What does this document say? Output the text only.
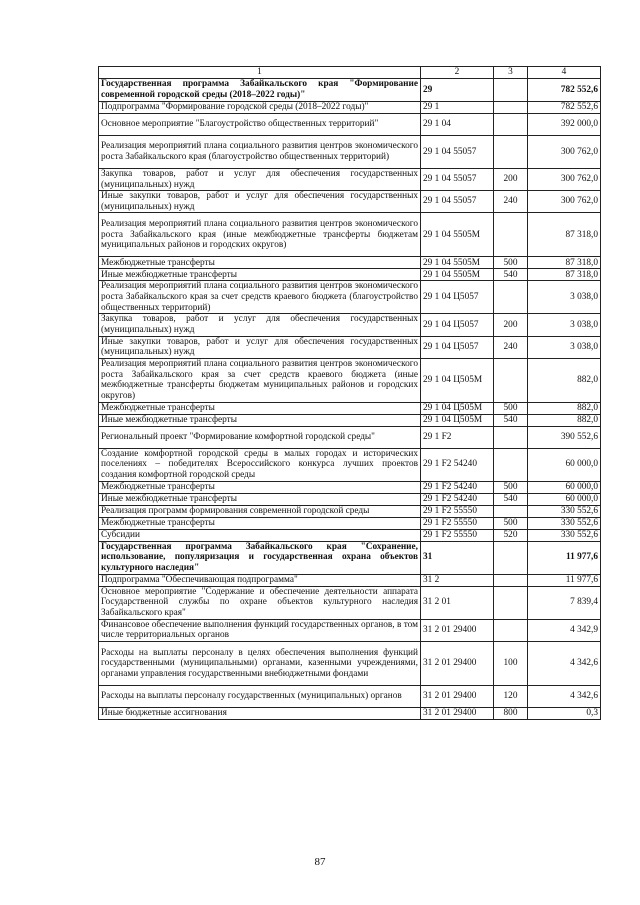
1	2	3	4
Государственная программа Забайкальского края "Формирование современной городской среды (2018–2022 годы)"	29		782 552,6
Подпрограмма "Формирование городской среды (2018–2022 годы)"	29 1		782 552,6
Основное мероприятие "Благоустройство общественных территорий"	29 1 04		392 000,0
Реализация мероприятий плана социального развития центров экономического роста Забайкальского края (благоустройство общественных территорий)	29 1 04 55057		300 762,0
Закупка товаров, работ и услуг для обеспечения государственных (муниципальных) нужд	29 1 04 55057	200	300 762,0
Иные закупки товаров, работ и услуг для обеспечения государственных (муниципальных) нужд	29 1 04 55057	240	300 762,0
Реализация мероприятий плана социального развития центров экономического роста Забайкальского края (иные межбюджетные трансферты бюджетам муниципальных районов и городских округов)	29 1 04 5505М		87 318,0
Межбюджетные трансферты	29 1 04 5505М	500	87 318,0
Иные межбюджетные трансферты	29 1 04 5505М	540	87 318,0
Реализация мероприятий плана социального развития центров экономического роста Забайкальского края за счет средств краевого бюджета (благоустройство общественных территорий)	29 1 04 Ц5057		3 038,0
Закупка товаров, работ и услуг для обеспечения государственных (муниципальных) нужд	29 1 04 Ц5057	200	3 038,0
Иные закупки товаров, работ и услуг для обеспечения государственных (муниципальных) нужд	29 1 04 Ц5057	240	3 038,0
Реализация мероприятий плана социального развития центров экономического роста Забайкальского края за счет средств краевого бюджета (иные межбюджетные трансферты бюджетам муниципальных районов и городских округов)	29 1 04 Ц505М		882,0
Межбюджетные трансферты	29 1 04 Ц505М	500	882,0
Иные межбюджетные трансферты	29 1 04 Ц505М	540	882,0
Региональный проект "Формирование комфортной городской среды"	29 1 F2		390 552,6
Создание комфортной городской среды в малых городах и исторических поселениях – победителях Всероссийского конкурса лучших проектов создания комфортной городской среды	29 1 F2 54240		60 000,0
Межбюджетные трансферты	29 1 F2 54240	500	60 000,0
Иные межбюджетные трансферты	29 1 F2 54240	540	60 000,0
Реализация программ формирования современной городской среды	29 1 F2 55550		330 552,6
Межбюджетные трансферты	29 1 F2 55550	500	330 552,6
Субсидии	29 1 F2 55550	520	330 552,6
Государственная программа Забайкальского края "Сохранение, использование, популяризация и государственная охрана объектов культурного наследия"	31		11 977,6
Подпрограмма "Обеспечивающая подпрограмма"	31 2		11 977,6
Основное мероприятие "Содержание и обеспечение деятельности аппарата Государственной службы по охране объектов культурного наследия Забайкальского края"	31 2 01		7 839,4
Финансовое обеспечение выполнения функций государственных органов, в том числе территориальных органов	31 2 01 29400		4 342,9
Расходы на выплаты персоналу в целях обеспечения выполнения функций государственными (муниципальными) органами, казенными учреждениями, органами управления государственными внебюджетными фондами	31 2 01 29400	100	4 342,6
Расходы на выплаты персоналу государственных (муниципальных) органов	31 2 01 29400	120	4 342,6
Иные бюджетные ассигнования	31 2 01 29400	800	0,3
87
